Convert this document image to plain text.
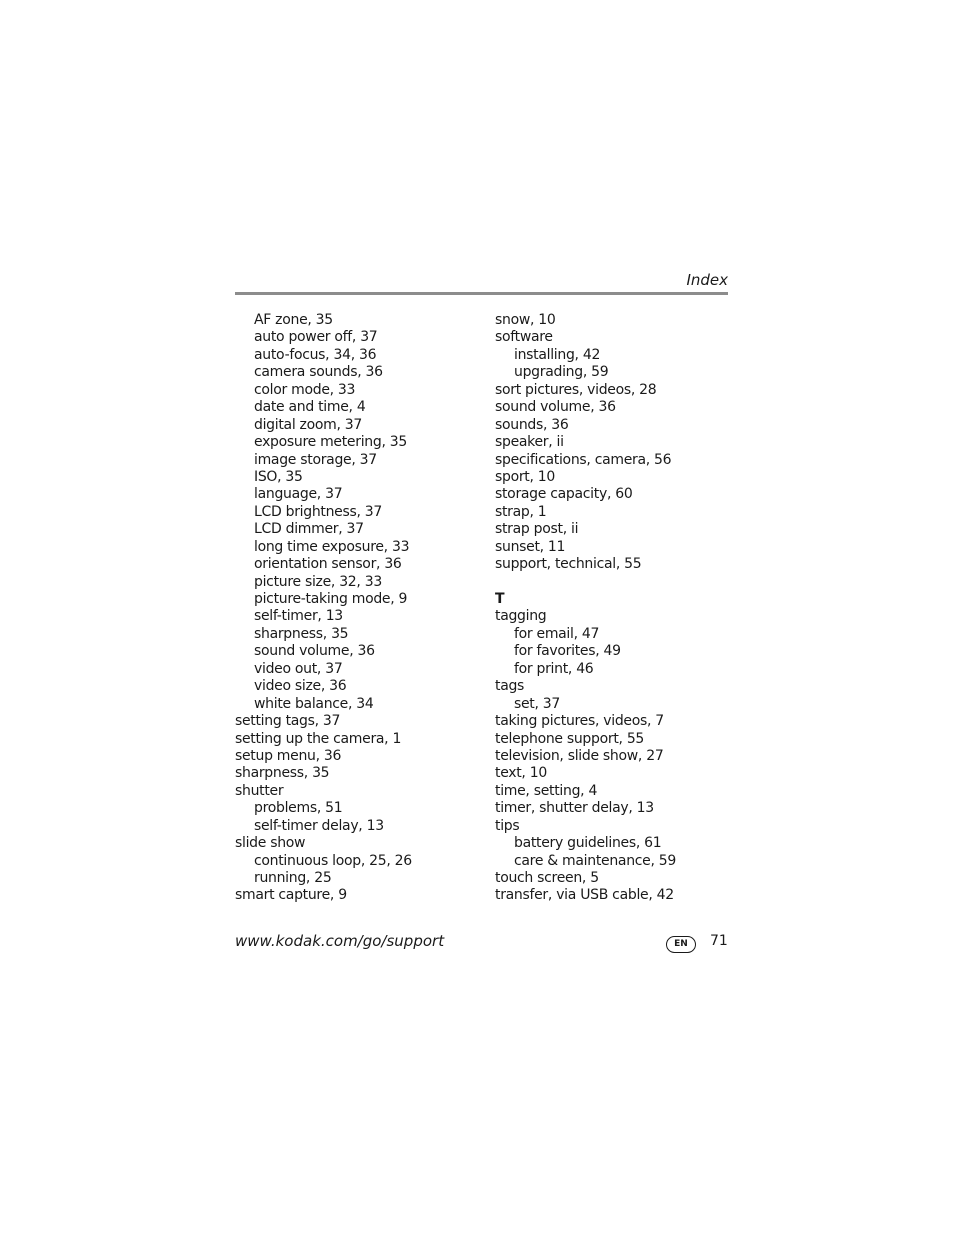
Index
AF zone, 35
auto power off, 37
auto-focus, 34, 36
camera sounds, 36
color mode, 33
date and time, 4
digital zoom, 37
exposure metering, 35
image storage, 37
ISO, 35
language, 37
LCD brightness, 37
LCD dimmer, 37
long time exposure, 33
orientation sensor, 36
picture size, 32, 33
picture-taking mode, 9
self-timer, 13
sharpness, 35
sound volume, 36
video out, 37
video size, 36
white balance, 34
setting tags, 37
setting up the camera, 1
setup menu, 36
sharpness, 35
shutter
problems, 51
self-timer delay, 13
slide show
continuous loop, 25, 26
running, 25
smart capture, 9
snow, 10
software
installing, 42
upgrading, 59
sort pictures, videos, 28
sound volume, 36
sounds, 36
speaker, ii
specifications, camera, 56
sport, 10
storage capacity, 60
strap, 1
strap post, ii
sunset, 11
support, technical, 55
T
tagging
for email, 47
for favorites, 49
for print, 46
tags
set, 37
taking pictures, videos, 7
telephone support, 55
television, slide show, 27
text, 10
time, setting, 4
timer, shutter delay, 13
tips
battery guidelines, 61
care & maintenance, 59
touch screen, 5
transfer, via USB cable, 42
www.kodak.com/go/support	EN	71
